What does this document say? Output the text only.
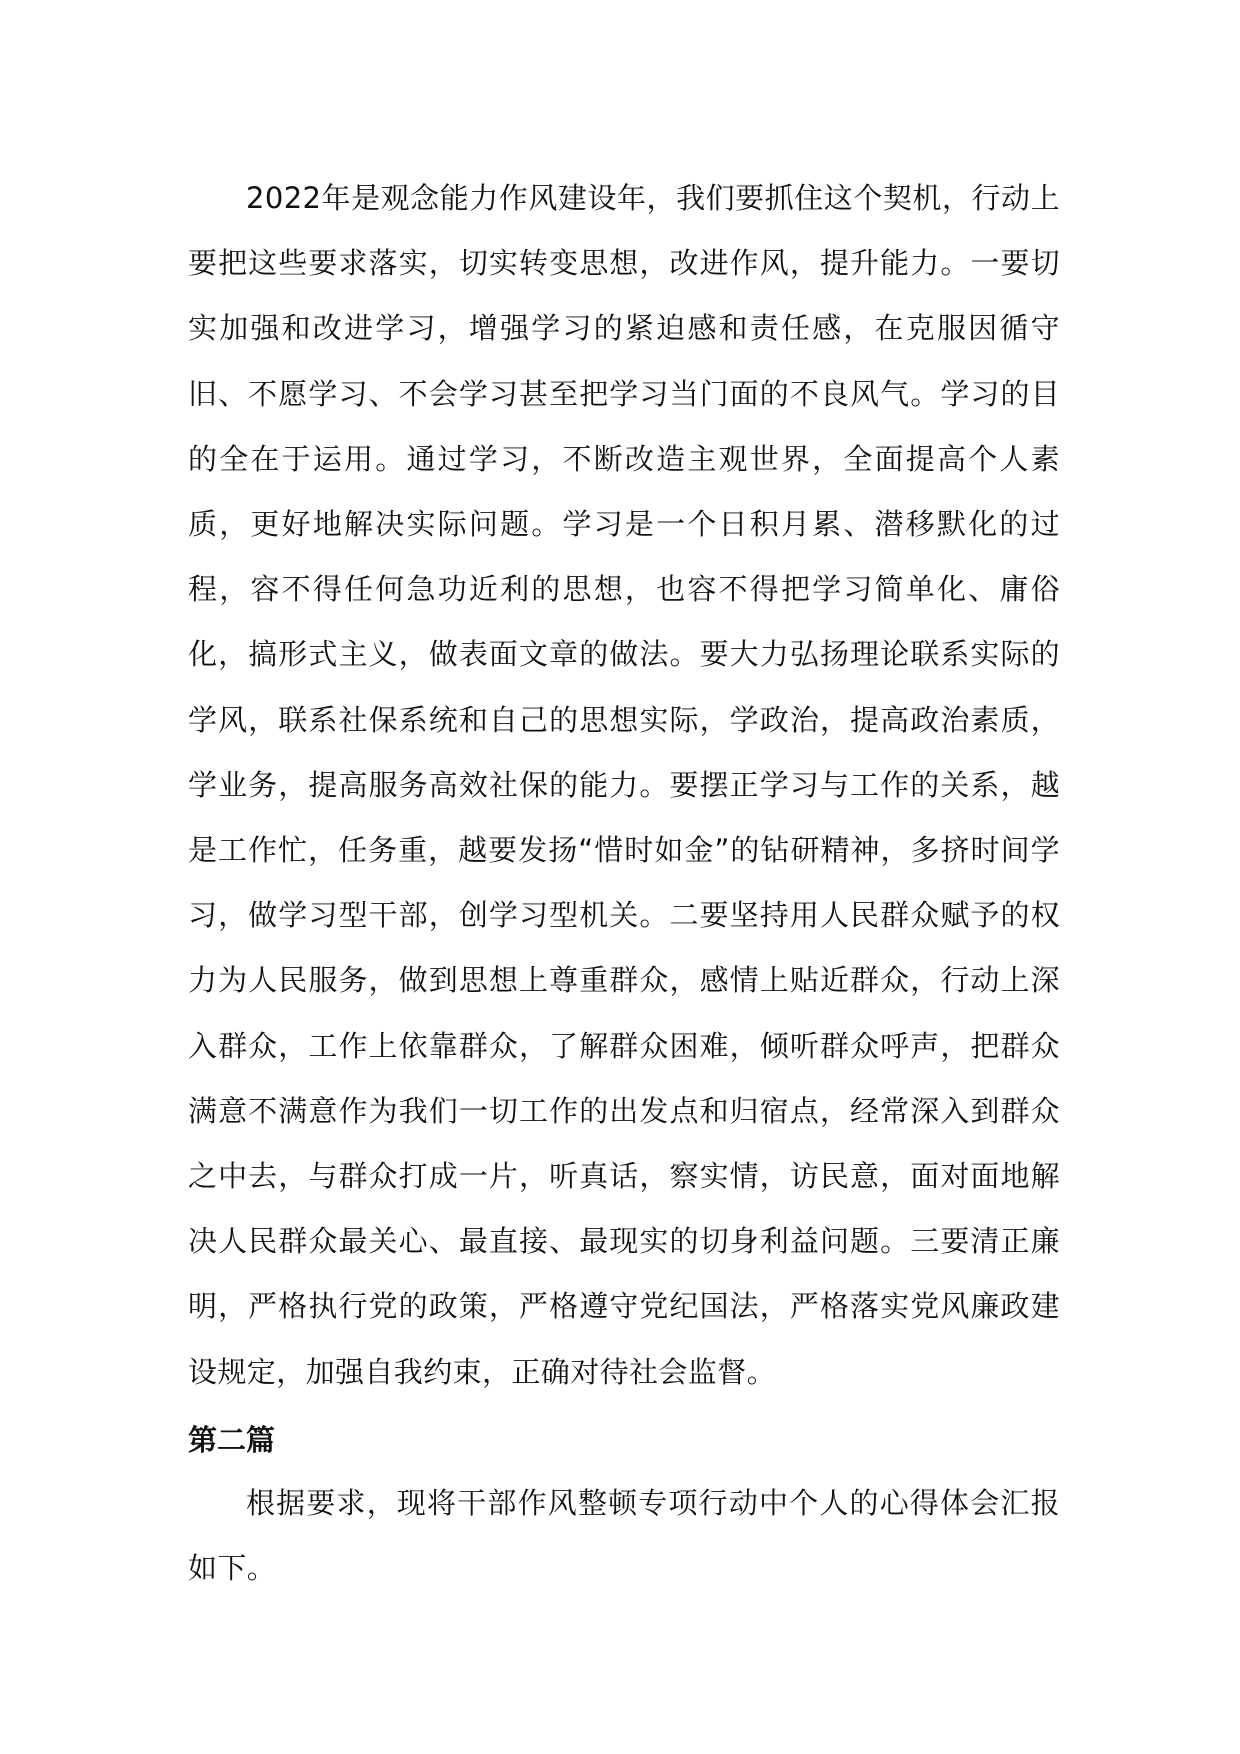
2022年是观念能力作风建设年，我们要抓住这个契机，行动上要把这些要求落实，切实转变思想，改进作风，提升能力。一要切实加强和改进学习，增强学习的紧迫感和责任感，在克服因循守旧、不愿学习、不会学习甚至把学习当门面的不良风气。学习的目的全在于运用。通过学习，不断改造主观世界，全面提高个人素质，更好地解决实际问题。学习是一个日积月累、潜移默化的过程，容不得任何急功近利的思想，也容不得把学习简单化、庸俗化，搞形式主义，做表面文章的做法。要大力弘扬理论联系实际的学风，联系社保系统和自己的思想实际，学政治，提高政治素质，学业务，提高服务高效社保的能力。要摆正学习与工作的关系，越是工作忙，任务重，越要发扬“惜时如金”的钻研精神，多挤时间学习，做学习型干部，创学习型机关。二要坚持用人民群众赋予的权力为人民服务，做到思想上尊重群众，感情上贴近群众，行动上深入群众，工作上依靠群众，了解群众困难，倾听群众呼声，把群众满意不满意作为我们一切工作的出发点和归宿点，经常深入到群众之中去，与群众打成一片，听真话，察实情，访民意，面对面地解决人民群众最关心、最直接、最现实的切身利益问题。三要清正廉明，严格执行党的政策，严格遵守党纪国法，严格落实党风廉政建设规定，加强自我约束，正确对待社会监督。

第二篇

根据要求，现将干部作风整顿专项行动中个人的心得体会汇报如下。
